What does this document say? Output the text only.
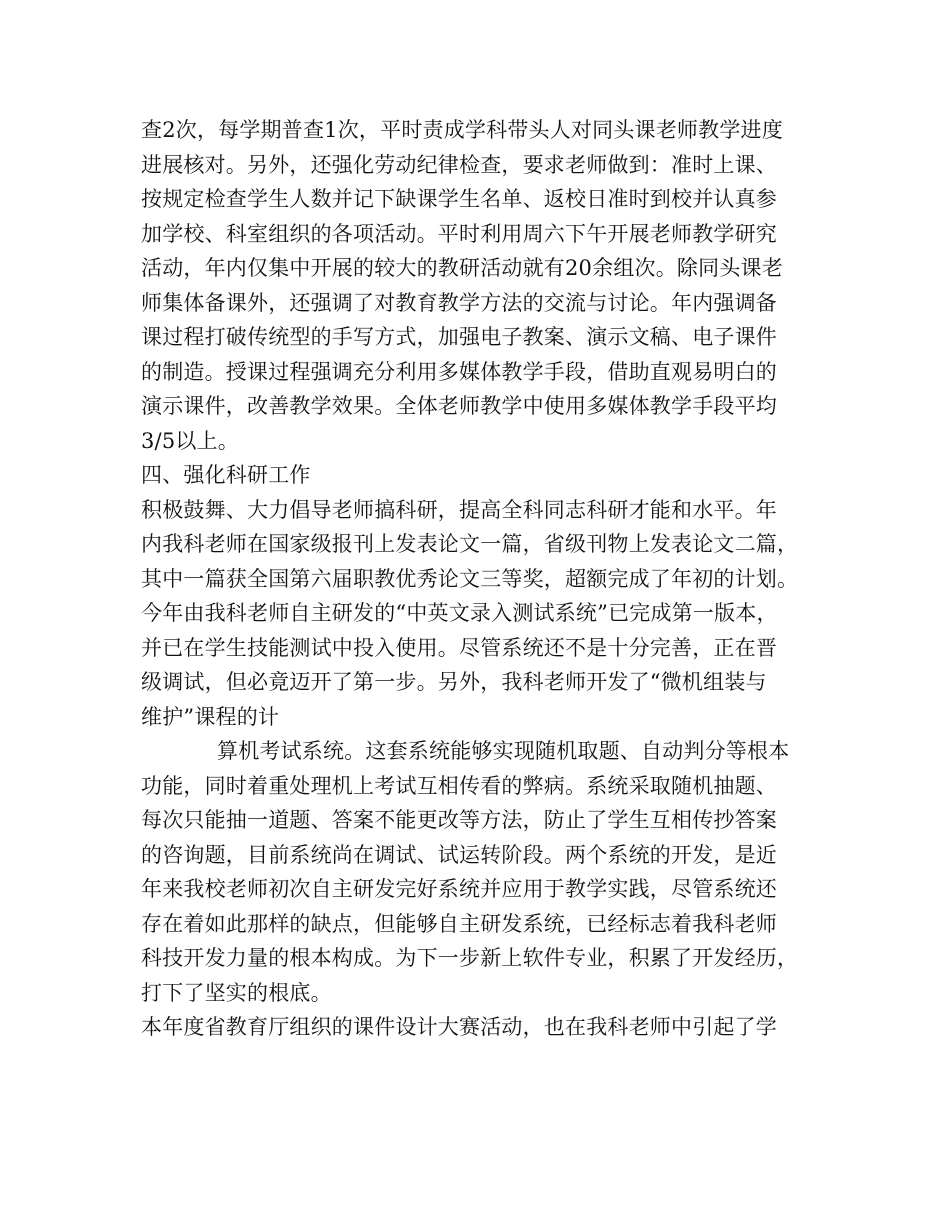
查2次，每学期普查1次，平时责成学科带头人对同头课老师教学进度
进展核对。另外，还强化劳动纪律检查，要求老师做到：准时上课、
按规定检查学生人数并记下缺课学生名单、返校日准时到校并认真参
加学校、科室组织的各项活动。平时利用周六下午开展老师教学研究
活动，年内仅集中开展的较大的教研活动就有20余组次。除同头课老
师集体备课外，还强调了对教育教学方法的交流与讨论。年内强调备
课过程打破传统型的手写方式，加强电子教案、演示文稿、电子课件
的制造。授课过程强调充分利用多媒体教学手段，借助直观易明白的
演示课件，改善教学效果。全体老师教学中使用多媒体教学手段平均
3/5以上。
四、强化科研工作
积极鼓舞、大力倡导老师搞科研，提高全科同志科研才能和水平。年
内我科老师在国家级报刊上发表论文一篇，省级刊物上发表论文二篇，
其中一篇获全国第六届职教优秀论文三等奖，超额完成了年初的计划。
今年由我科老师自主研发的“中英文录入测试系统”已完成第一版本，
并已在学生技能测试中投入使用。尽管系统还不是十分完善，正在晋
级调试，但必竟迈开了第一步。另外，我科老师开发了“微机组装与
维护”课程的计
算机考试系统。这套系统能够实现随机取题、自动判分等根本
功能，同时着重处理机上考试互相传看的弊病。系统采取随机抽题、
每次只能抽一道题、答案不能更改等方法，防止了学生互相传抄答案
的咨询题，目前系统尚在调试、试运转阶段。两个系统的开发，是近
年来我校老师初次自主研发完好系统并应用于教学实践，尽管系统还
存在着如此那样的缺点，但能够自主研发系统，已经标志着我科老师
科技开发力量的根本构成。为下一步新上软件专业，积累了开发经历，
打下了坚实的根底。
本年度省教育厅组织的课件设计大赛活动，也在我科老师中引起了学
